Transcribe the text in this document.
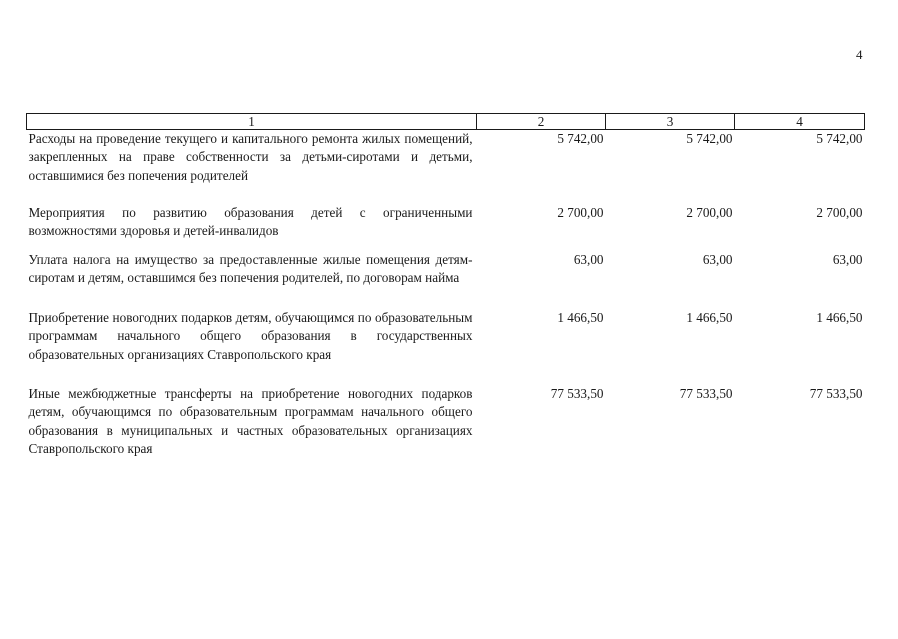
4
1	2	3	4
Расходы на проведение текущего и капитального ремонта жилых помещений, закрепленных на праве собственности за детьми-сиротами и детьми, оставшимися без попечения родителей	5 742,00	5 742,00	5 742,00
Мероприятия по развитию образования детей с ограниченными возможностями здоровья и детей-инвалидов	2 700,00	2 700,00	2 700,00
Уплата налога на имущество за предоставленные жилые помещения детям-сиротам и детям, оставшимся без попечения родителей, по договорам найма	63,00	63,00	63,00
Приобретение новогодних подарков детям, обучающимся по образовательным программам начального общего образования в государственных образовательных организациях Ставропольского края	1 466,50	1 466,50	1 466,50
Иные межбюджетные трансферты на приобретение новогодних подарков детям, обучающимся по образовательным программам начального общего образования в муниципальных и частных образовательных организациях Ставропольского края	77 533,50	77 533,50	77 533,50
